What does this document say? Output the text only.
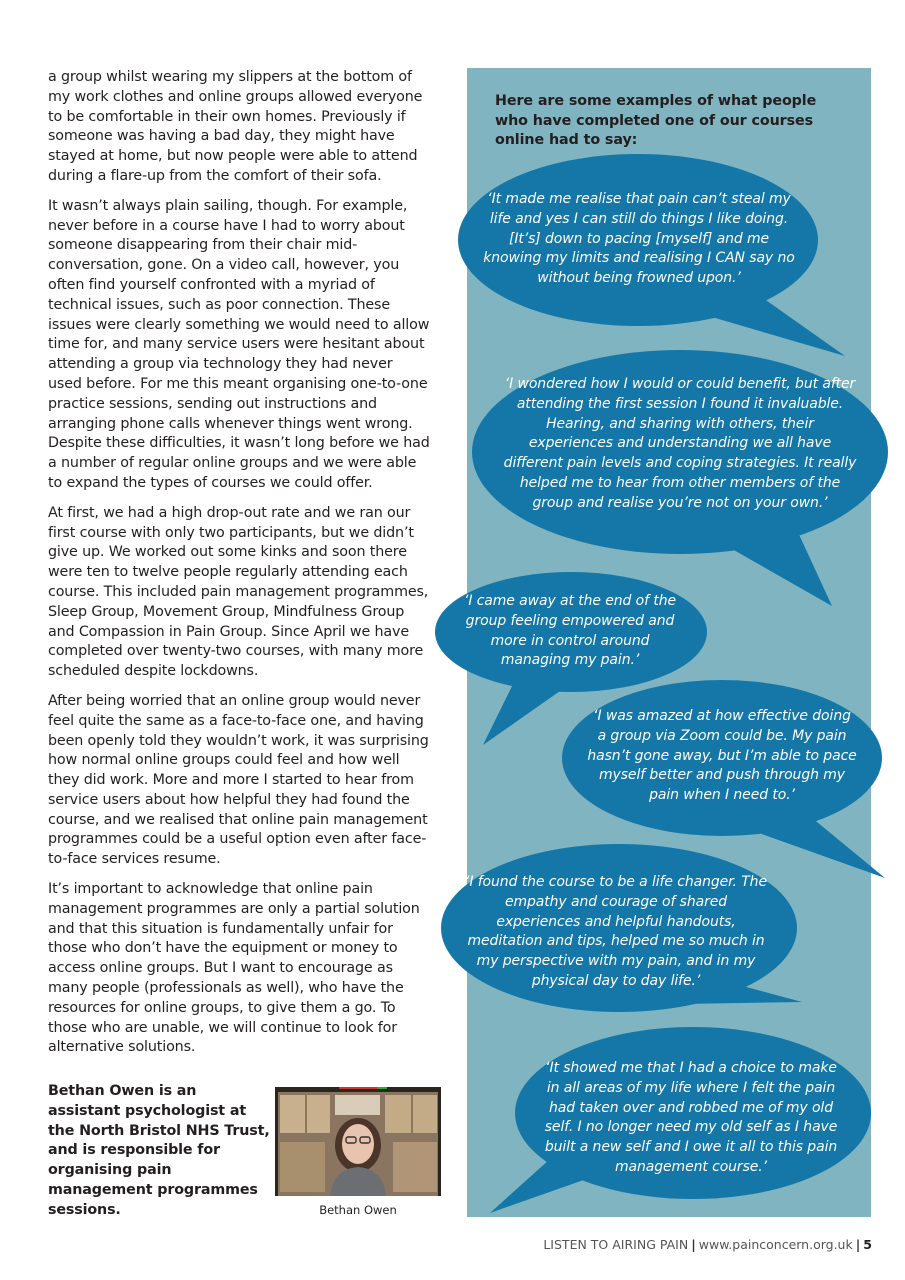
a group whilst wearing my slippers at the bottom of my work clothes and online groups allowed everyone to be comfortable in their own homes. Previously if someone was having a bad day, they might have stayed at home, but now people were able to attend during a flare-up from the comfort of their sofa.

It wasn’t always plain sailing, though. For example, never before in a course have I had to worry about someone disappearing from their chair mid-conversation, gone. On a video call, however, you often find yourself confronted with a myriad of technical issues, such as poor connection. These issues were clearly something we would need to allow time for, and many service users were hesitant about attending a group via technology they had never used before. For me this meant organising one-to-one practice sessions, sending out instructions and arranging phone calls whenever things went wrong. Despite these difficulties, it wasn’t long before we had a number of regular online groups and we were able to expand the types of courses we could offer.

At first, we had a high drop-out rate and we ran our first course with only two participants, but we didn’t give up. We worked out some kinks and soon there were ten to twelve people regularly attending each course. This included pain management programmes, Sleep Group, Movement Group, Mindfulness Group and Compassion in Pain Group. Since April we have completed over twenty-two courses, with many more scheduled despite lockdowns.

After being worried that an online group would never feel quite the same as a face-to-face one, and having been openly told they wouldn’t work, it was surprising how normal online groups could feel and how well they did work. More and more I started to hear from service users about how helpful they had found the course, and we realised that online pain management programmes could be a useful option even after face-to-face services resume.

It’s important to acknowledge that online pain management programmes are only a partial solution and that this situation is fundamentally unfair for those who don’t have the equipment or money to access online groups. But I want to encourage as many people (professionals as well), who have the resources for online groups, to give them a go. To those who are unable, we will continue to look for alternative solutions.

Bethan Owen is an assistant psychologist at the North Bristol NHS Trust, and is responsible for organising pain management programmes sessions.	Bethan Owen
Here are some examples of what people who have completed one of our courses online had to say:
‘It made me realise that pain can’t steal my life and yes I can still do things I like doing. [It’s] down to pacing [myself] and me knowing my limits and realising I CAN say no without being frowned upon.’
‘I wondered how I would or could benefit, but after attending the first session I found it invaluable. Hearing, and sharing with others, their experiences and understanding we all have different pain levels and coping strategies. It really helped me to hear from other members of the group and realise you’re not on your own.’
‘I came away at the end of the group feeling empowered and more in control around managing my pain.’
‘I was amazed at how effective doing a group via Zoom could be. My pain hasn’t gone away, but I’m able to pace myself better and push through my pain when I need to.’
‘I found the course to be a life changer. The empathy and courage of shared experiences and helpful handouts, meditation and tips, helped me so much in my perspective with my pain, and in my physical day to day life.’
‘It showed me that I had a choice to make in all areas of my life where I felt the pain had taken over and robbed me of my old self. I no longer need my old self as I have built a new self and I owe it all to this pain management course.’
LISTEN TO AIRING PAIN | www.painconcern.org.uk | 5
